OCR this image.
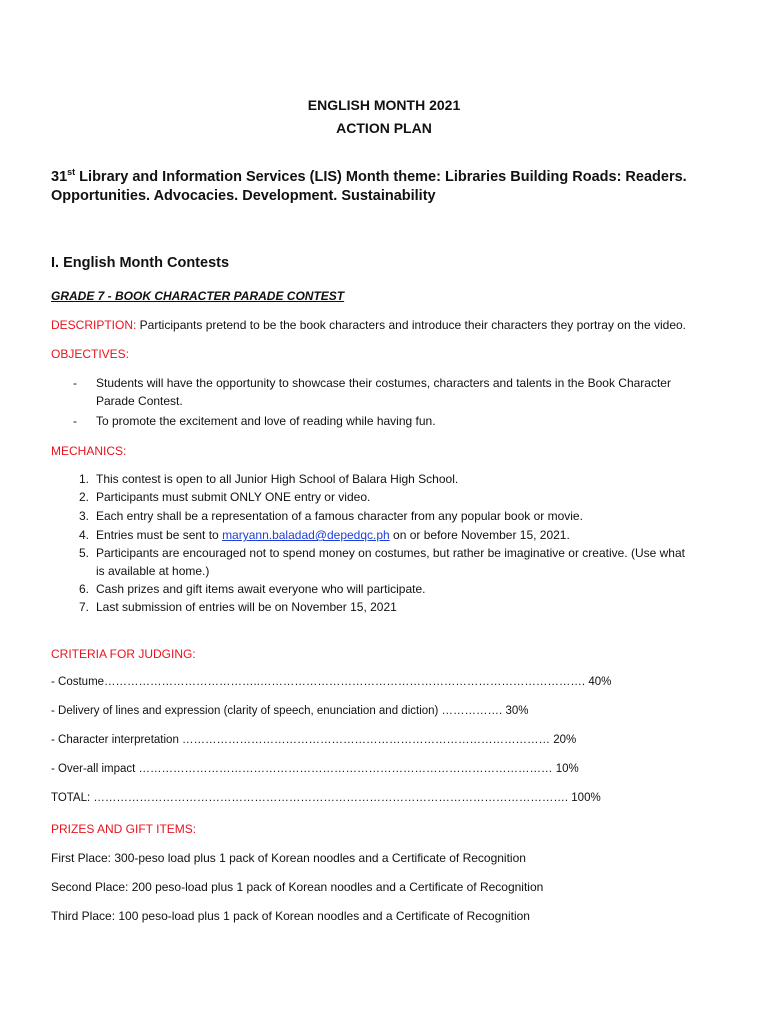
ENGLISH MONTH 2021
ACTION PLAN
31st Library and Information Services (LIS) Month theme: Libraries Building Roads: Readers.
Opportunities. Advocacies. Development. Sustainability
I. English Month Contests
GRADE 7 - BOOK CHARACTER PARADE CONTEST
DESCRIPTION: Participants pretend to be the book characters and introduce their characters they portray on the video.
OBJECTIVES:
- Students will have the opportunity to showcase their costumes, characters and talents in the Book Character
Parade Contest.
- To promote the excitement and love of reading while having fun.
MECHANICS:
1. This contest is open to all Junior High School of Balara High School.
2. Participants must submit ONLY ONE entry or video.
3. Each entry shall be a representation of a famous character from any popular book or movie.
4. Entries must be sent to maryann.baladad@depedqc.ph on or before November 15, 2021.
5. Participants are encouraged not to spend money on costumes, but rather be imaginative or creative. (Use what
is available at home.)
6. Cash prizes and gift items await everyone who will participate.
7. Last submission of entries will be on November 15, 2021
CRITERIA FOR JUDGING:
- Costume…………………………………..…………………………………………………………………………. 40%
- Delivery of lines and expression (clarity of speech, enunciation and diction) ……………. 30%
- Character interpretation …………………………………………………………………………………… 20%
- Over-all impact ……………………………………………………………………………………………… 10%
TOTAL: ……………………………………………………………………………………………………………. 100%
PRIZES AND GIFT ITEMS:
First Place: 300-peso load plus 1 pack of Korean noodles and a Certificate of Recognition
Second Place: 200 peso-load plus 1 pack of Korean noodles and a Certificate of Recognition
Third Place: 100 peso-load plus 1 pack of Korean noodles and a Certificate of Recognition
